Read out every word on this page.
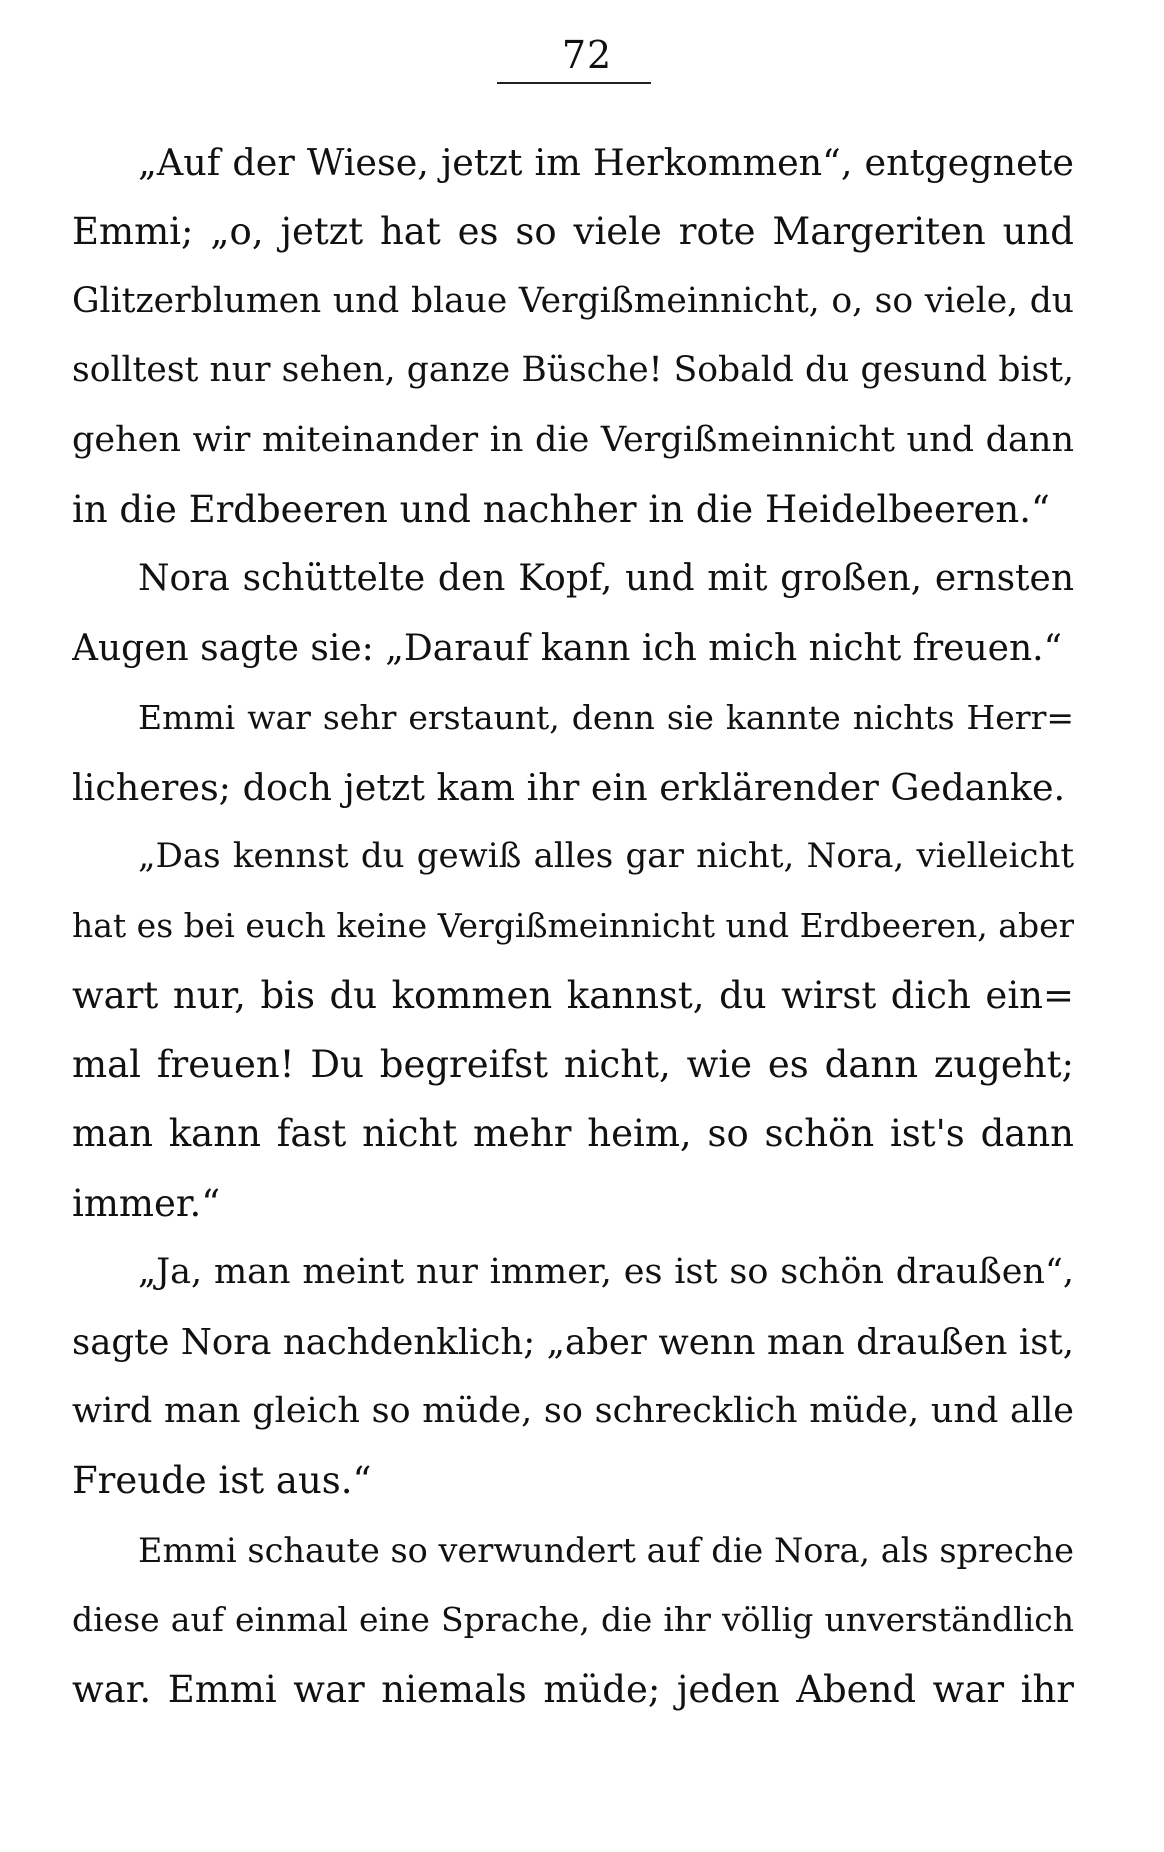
72
„Auf der Wiese, jetzt im Herkommen“, entgegnete
Emmi; „o, jetzt hat es so viele rote Margeriten und
Glitzerblumen und blaue Vergißmeinnicht, o, so viele, du
solltest nur sehen, ganze Büsche! Sobald du gesund bist,
gehen wir miteinander in die Vergißmeinnicht und dann
in die Erdbeeren und nachher in die Heidelbeeren.“
Nora schüttelte den Kopf, und mit großen, ernsten
Augen sagte sie: „Darauf kann ich mich nicht freuen.“
Emmi war sehr erstaunt, denn sie kannte nichts Herr=
licheres; doch jetzt kam ihr ein erklärender Gedanke.
„Das kennst du gewiß alles gar nicht, Nora, vielleicht
hat es bei euch keine Vergißmeinnicht und Erdbeeren, aber
wart nur, bis du kommen kannst, du wirst dich ein=
mal freuen! Du begreifst nicht, wie es dann zugeht;
man kann fast nicht mehr heim, so schön ist's dann
immer.“
„Ja, man meint nur immer, es ist so schön draußen“,
sagte Nora nachdenklich; „aber wenn man draußen ist,
wird man gleich so müde, so schrecklich müde, und alle
Freude ist aus.“
Emmi schaute so verwundert auf die Nora, als spreche
diese auf einmal eine Sprache, die ihr völlig unverständlich
war. Emmi war niemals müde; jeden Abend war ihr
